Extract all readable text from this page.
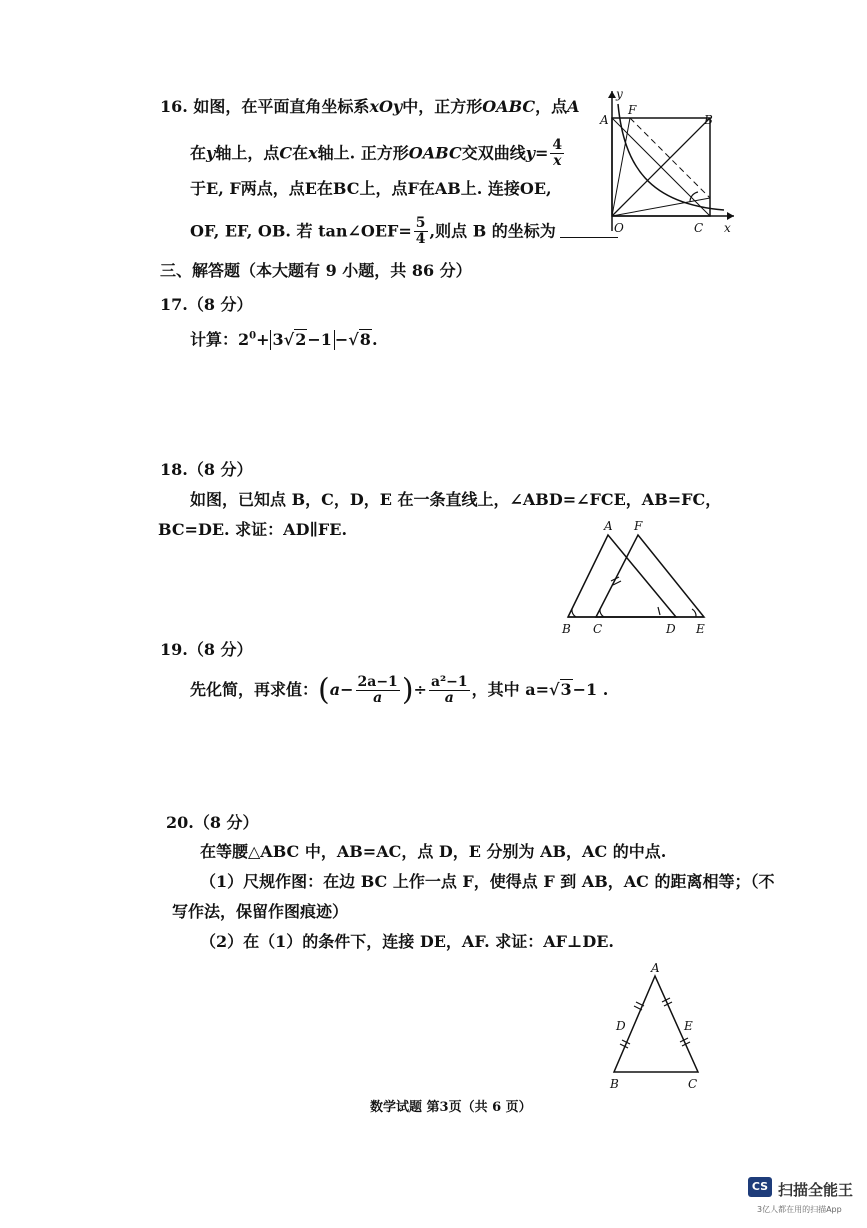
16. 如图，在平面直角坐标系xOy中，正方形OABC，点A
在y轴上，点C在x轴上. 正方形OABC交双曲线$y= \frac{4}{x}$
于E, F两点，点E在BC上，点F在AB上. 连接OE,
OF, EF, OB. 若 tan∠OEF= $\frac{5}{4}$ ,则点 B 的坐标为
y
A
F
B
O	C x
三、解答题（本大题有 9 小题，共 86 分）
17.（8 分）
计算：$2^0+ 3√2-1 -√8$.
18.（8 分）
如图，已知点 B，C，D，E 在一条直线上，∠ABD=∠FCE，AB=FC，
BC=DE. 求证：AD∥FE.	A F
B C	D E
19.（8 分）
先化简，再求值：($a- \frac{2a-1}{a}$ )÷ $\frac{\text{a²−1}}{a}$ ，其中 a=√3−1 .
20.（8 分）
在等腰△ABC 中，AB=AC，点 D，E 分别为 AB，AC 的中点.
（1）尺规作图：在边 BC 上作一点 F，使得点 F 到 AB，AC 的距离相等；（不
写作法，保留作图痕迹）
（2）在（1）的条件下，连接 DE，AF. 求证：AF⊥DE.
A
D	E
B	C
数学试题 第3页（共 6 页）
CS 扫描全能王
3亿人都在用的扫描App
